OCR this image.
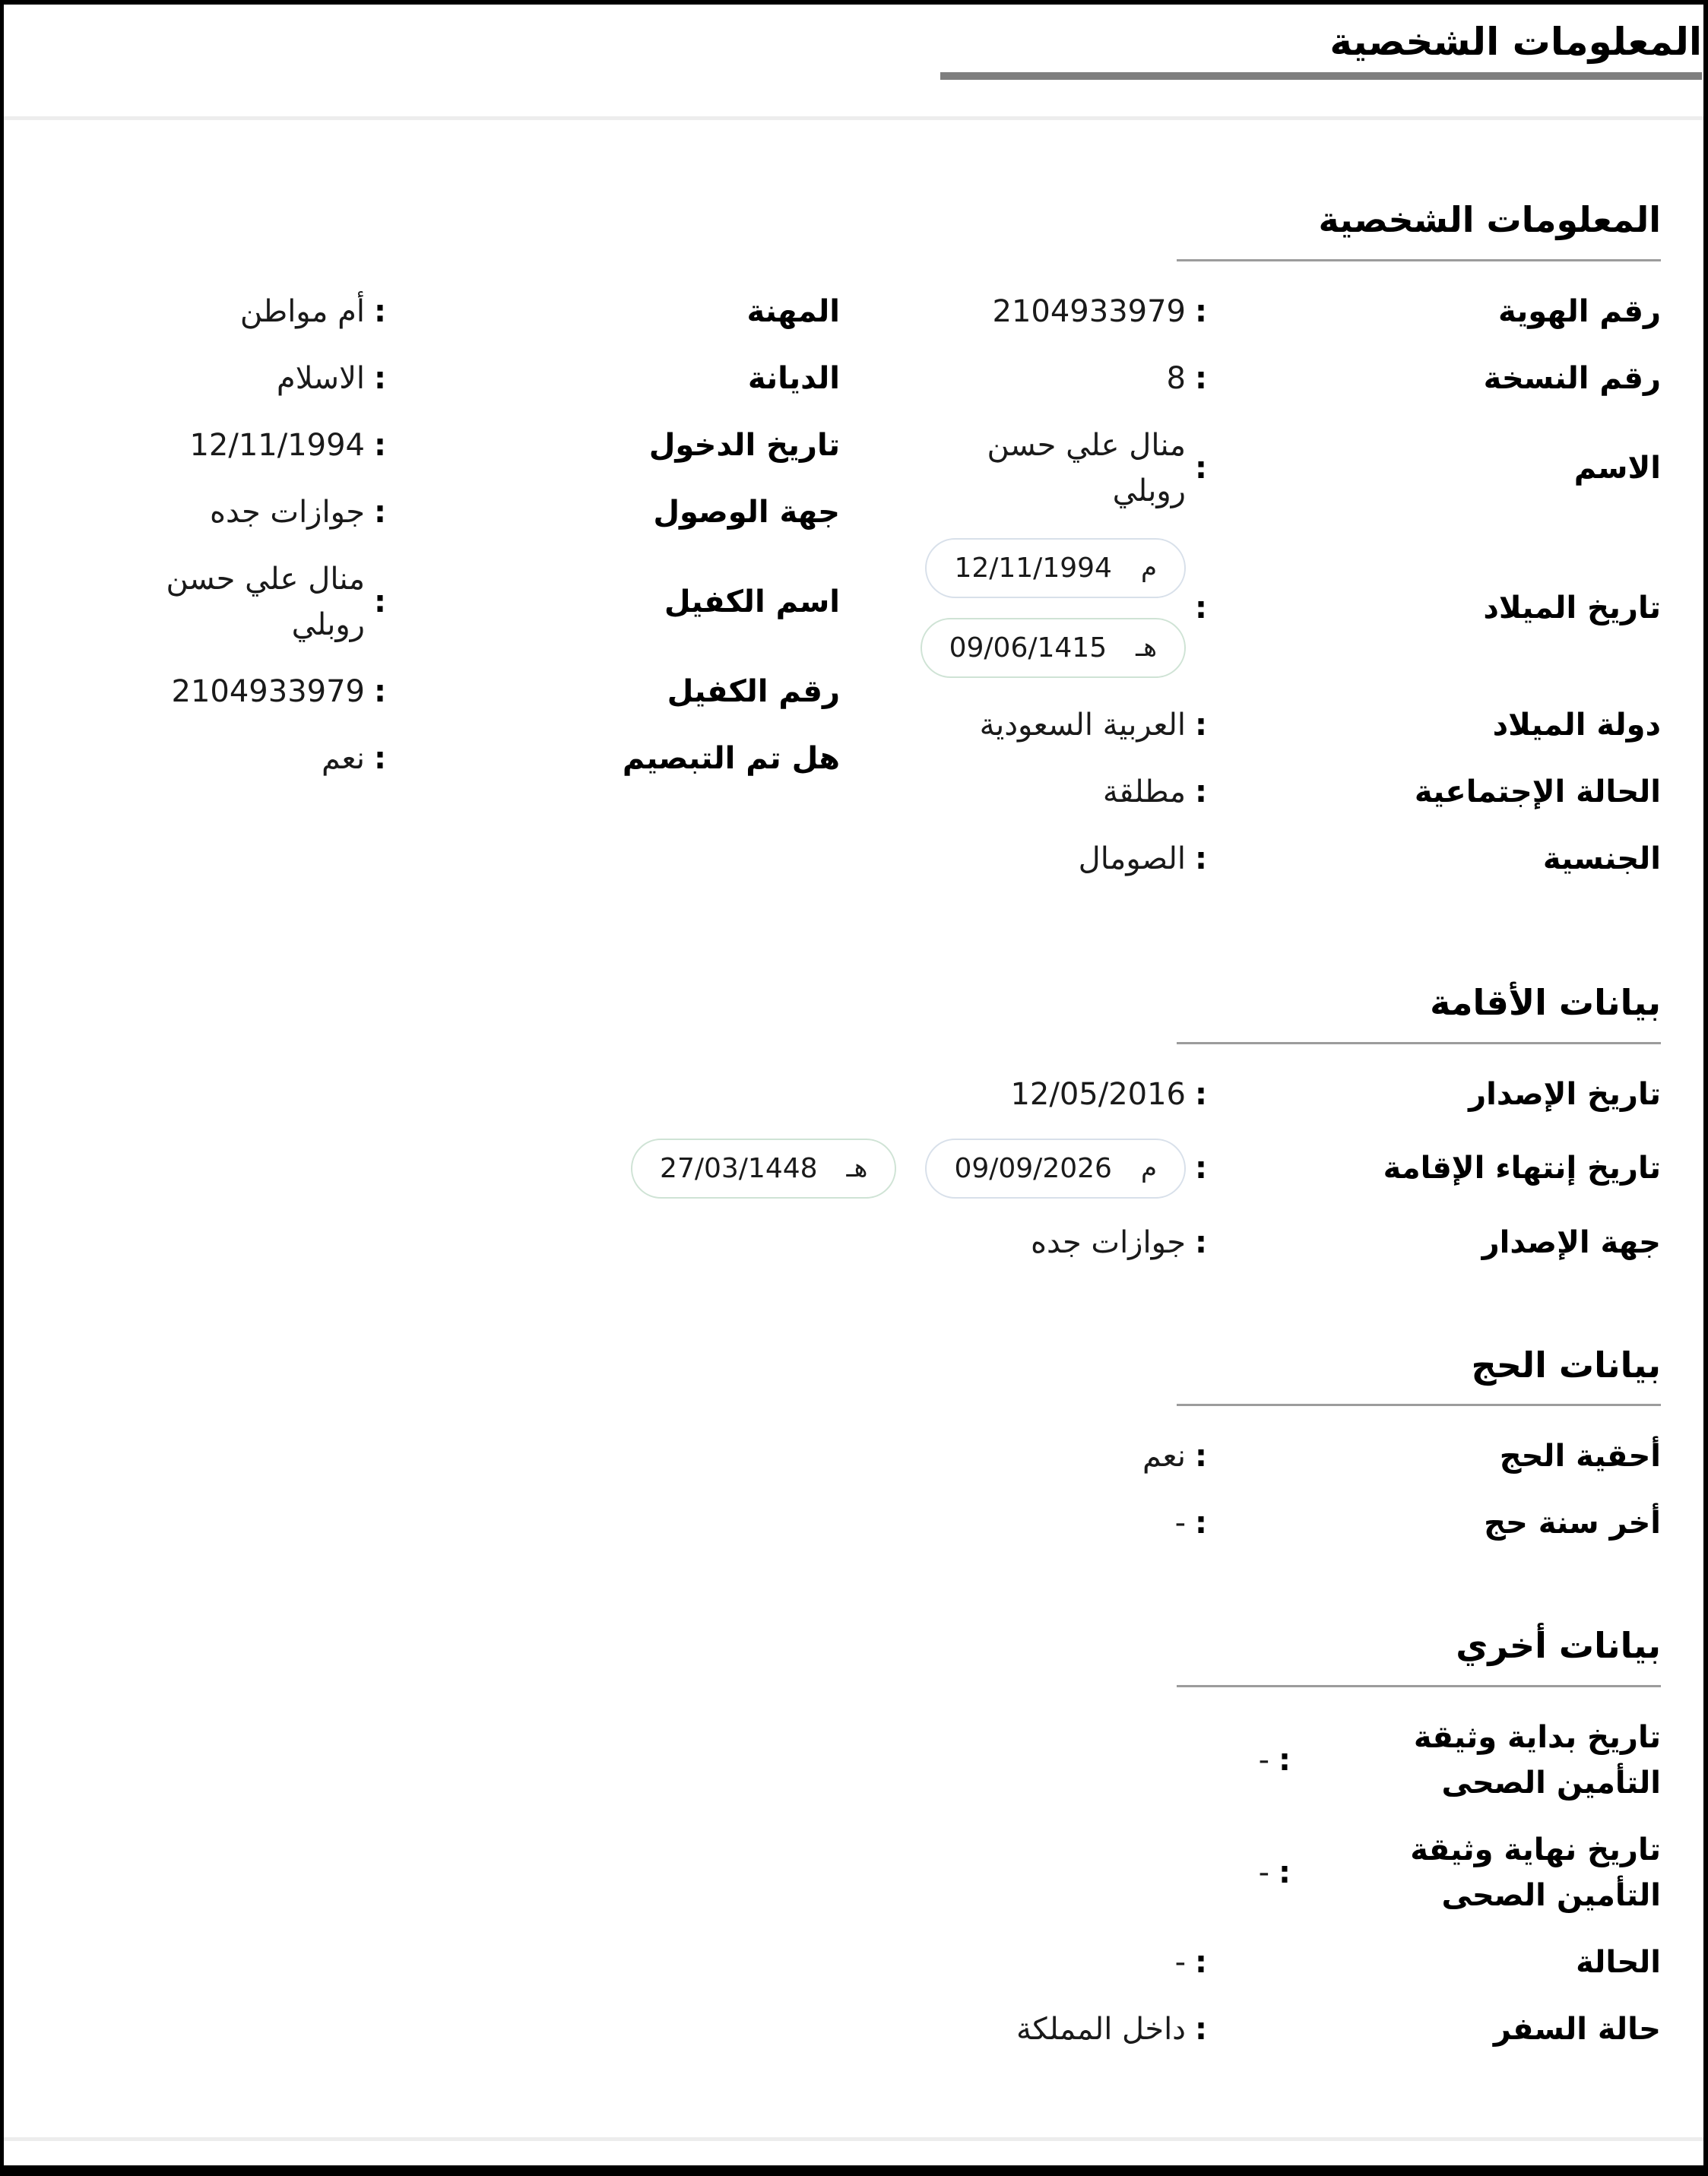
المعلومات الشخصية
المعلومات الشخصية
رقم الهوية
:
2104933979
رقم النسخة
:
8
الاسم
:
منال علي حسن روبلي
تاريخ الميلاد
:
م
12/11/1994
هـ
09/06/1415
دولة الميلاد
:
العربية السعودية
الحالة الإجتماعية
:
مطلقة
الجنسية
:
الصومال
المهنة
:
أم مواطن
الديانة
:
الاسلام
تاريخ الدخول
:
12/11/1994
جهة الوصول
:
جوازات جده
اسم الكفيل
:
منال علي حسن روبلي
رقم الكفيل
:
2104933979
هل تم التبصيم
:
نعم
بيانات الأقامة
تاريخ الإصدار
:
12/05/2016
تاريخ إنتهاء الإقامة
:
م
09/09/2026
هـ
27/03/1448
جهة الإصدار
:
جوازات جده
بيانات الحج
أحقية الحج
:
نعم
أخر سنة حج
:
-
بيانات أخري
تاريخ بداية وثيقة التأمين الصحى
:
-
تاريخ نهاية وثيقة التأمين الصحى
:
-
الحالة
:
-
حالة السفر
:
داخل المملكة
